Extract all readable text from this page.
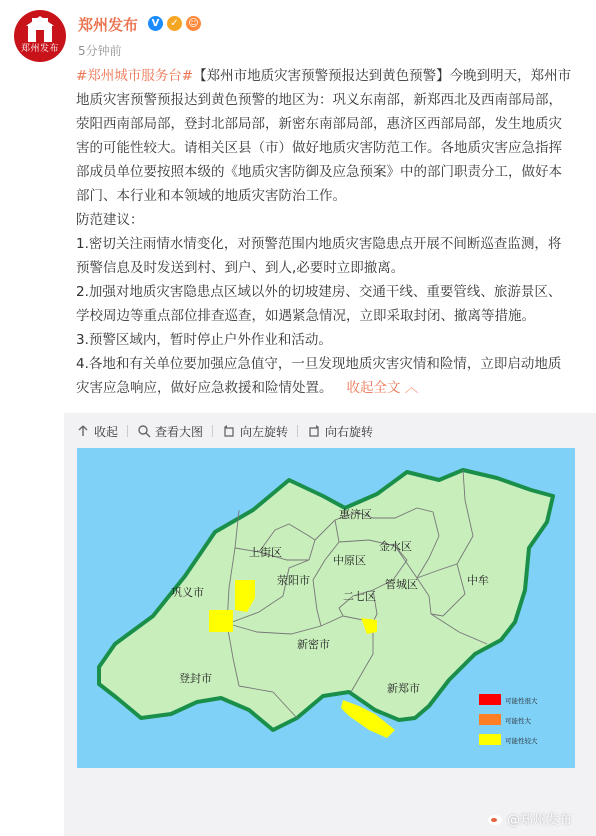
郑州发布
郑州发布	V	✓ ☺
5分钟前

#郑州城市服务台#【郑州市地质灾害预警预报达到黄色预警】今晚到明天，郑州市地质灾害预警预报达到黄色预警的地区为：巩义东南部，新郑西北及西南部局部，荥阳西南部局部，登封北部局部，新密东南部局部，惠济区西部局部，发生地质灾害的可能性较大。请相关区县（市）做好地质灾害防范工作。各地质灾害应急指挥部成员单位要按照本级的《地质灾害防御及应急预案》中的部门职责分工，做好本部门、本行业和本领域的地质灾害防治工作。

防范建议：

1.密切关注雨情水情变化，对预警范围内地质灾害隐患点开展不间断巡查监测，将预警信息及时发送到村、到户、到人,必要时立即撤离。

2.加强对地质灾害隐患点区域以外的切坡建房、交通干线、重要管线、旅游景区、学校周边等重点部位排查巡查，如遇紧急情况，立即采取封闭、撤离等措施。

3.预警区域内，暂时停止户外作业和活动。

4.各地和有关单位要加强应急值守，一旦发现地质灾害灾情和险情，立即启动地质灾害应急响应，做好应急救援和险情处置。 收起全文 ︿

收起	查看大图	向左旋转	向右旋转
惠济区
上街区	金水区
中原区
巩义市
荥阳市	管城区	中牟
二七区
新密市
登封市
新郑市
可能性很大
可能性大
可能性较大
@郑州发布
